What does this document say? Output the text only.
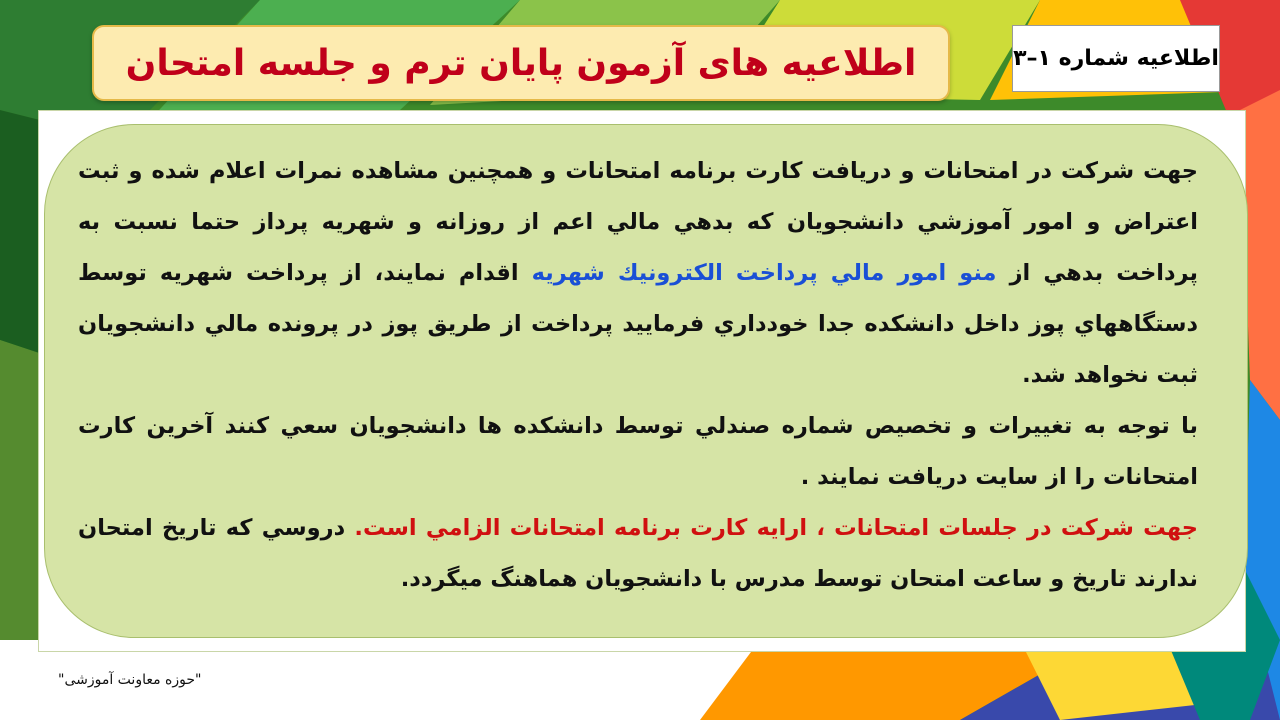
اطلاعیه های آزمون پایان ترم و جلسه امتحان	اطلاعیه شماره ۱–۳

جهت شركت در امتحانات و دريافت كارت برنامه امتحانات و همچنين مشاهده نمرات اعلام شده و ثبت اعتراض و امور آموزشي دانشجويان كه بدهي مالي اعم از روزانه و شهريه پرداز حتما نسبت به پرداخت بدهي از منو امور مالي پرداخت الكترونيك شهريه اقدام نمايند، از پرداخت شهريه توسط دستگاههاي پوز داخل دانشكده جدا خودداري فرماييد پرداخت از طريق پوز در پرونده مالي دانشجويان ثبت نخواهد شد.

با توجه به تغییرات و تخصیص شماره صندلي توسط دانشكده ها دانشجويان سعي كنند آخرين كارت امتحانات را از سايت دريافت نمايند .

جهت شركت در جلسات امتحانات ، ارايه كارت برنامه امتحانات الزامي است. دروسي كه تاريخ امتحان ندارند تاريخ و ساعت امتحان توسط مدرس با دانشجويان هماهنگ ميگردد.

"حوزه معاونت آموزشی"
